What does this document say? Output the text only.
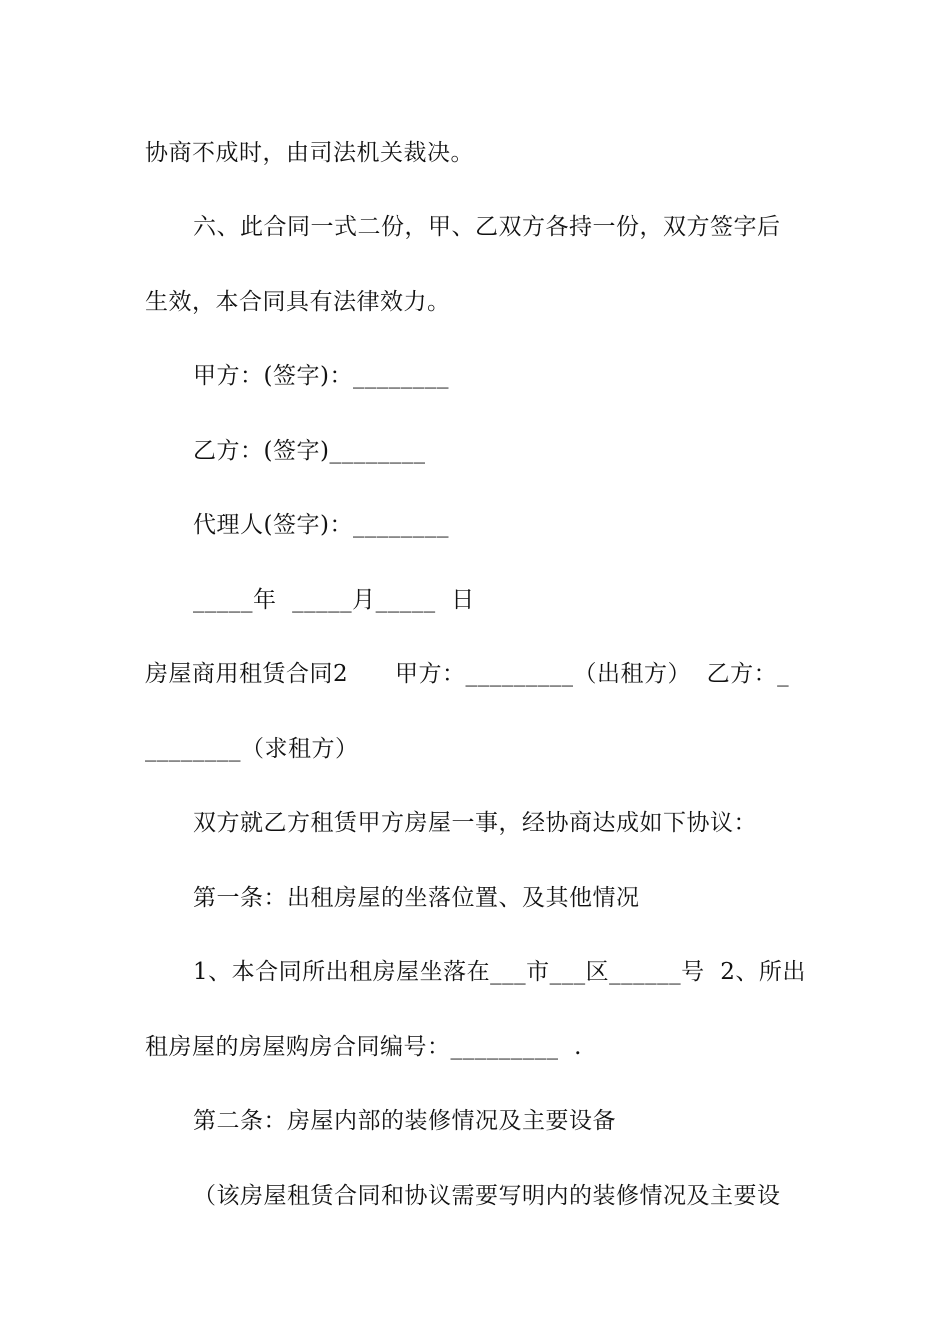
协商不成时，由司法机关裁决。
六、此合同一式二份，甲、乙双方各持一份，双方签字后
生效，本合同具有法律效力。
甲方：(签字)：________
乙方：(签字)________
代理人(签字)：________
_____年  _____月_____  日
房屋商用租赁合同2      甲方：_________（出租方）  乙方：_
________（求租方）
双方就乙方租赁甲方房屋一事，经协商达成如下协议：
第一条：出租房屋的坐落位置、及其他情况
1、本合同所出租房屋坐落在___市___区______号  2、所出
租房屋的房屋购房合同编号：_________  .
第二条：房屋内部的装修情况及主要设备
（该房屋租赁合同和协议需要写明内的装修情况及主要设
